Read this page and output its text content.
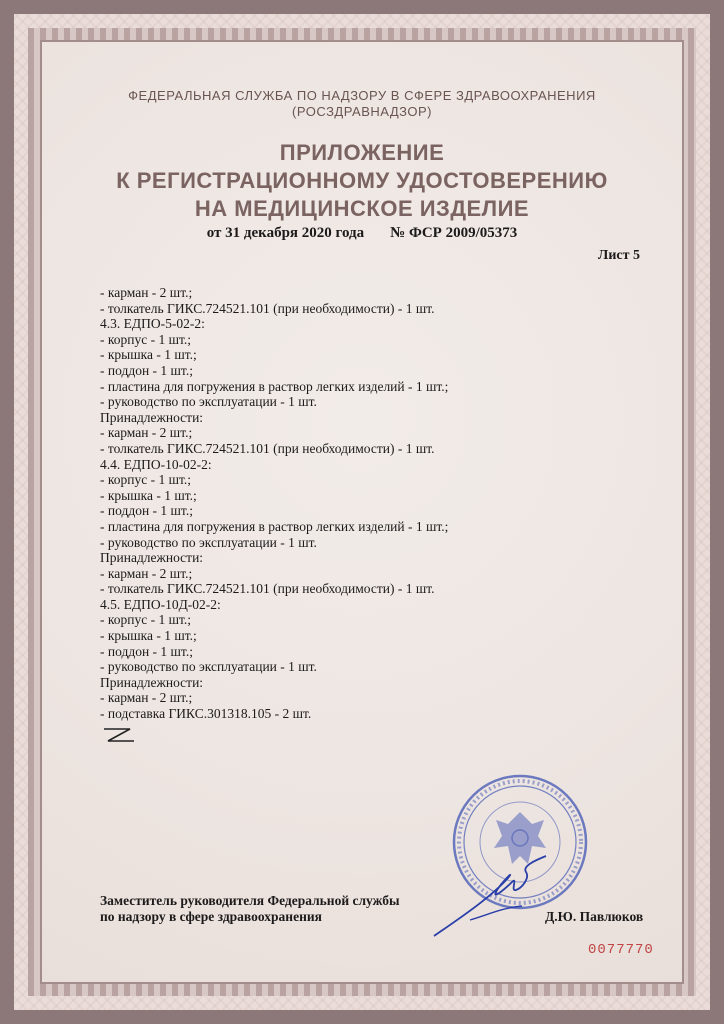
ФЕДЕРАЛЬНАЯ СЛУЖБА ПО НАДЗОРУ В СФЕРЕ ЗДРАВООХРАНЕНИЯ
(РОСЗДРАВНАДЗОР)
ПРИЛОЖЕНИЕ
К РЕГИСТРАЦИОННОМУ УДОСТОВЕРЕНИЮ
НА МЕДИЦИНСКОЕ ИЗДЕЛИЕ
от 31 декабря 2020 года № ФСР 2009/05373
Лист 5
- карман - 2 шт.;
- толкатель ГИКС.724521.101 (при необходимости) - 1 шт.
4.3. ЕДПО-5-02-2:
- корпус - 1 шт.;
- крышка - 1 шт.;
- поддон - 1 шт.;
- пластина для погружения в раствор легких изделий - 1 шт.;
- руководство по эксплуатации - 1 шт.
Принадлежности:
- карман - 2 шт.;
- толкатель ГИКС.724521.101 (при необходимости) - 1 шт.
4.4. ЕДПО-10-02-2:
- корпус - 1 шт.;
- крышка - 1 шт.;
- поддон - 1 шт.;
- пластина для погружения в раствор легких изделий - 1 шт.;
- руководство по эксплуатации - 1 шт.
Принадлежности:
- карман - 2 шт.;
- толкатель ГИКС.724521.101 (при необходимости) - 1 шт.
4.5. ЕДПО-10Д-02-2:
- корпус - 1 шт.;
- крышка - 1 шт.;
- поддон - 1 шт.;
- руководство по эксплуатации - 1 шт.
Принадлежности:
- карман - 2 шт.;
- подставка ГИКС.301318.105 - 2 шт.
Заместитель руководителя Федеральной службы
по надзору в сфере здравоохранения	Д.Ю. Павлюков
0077770
